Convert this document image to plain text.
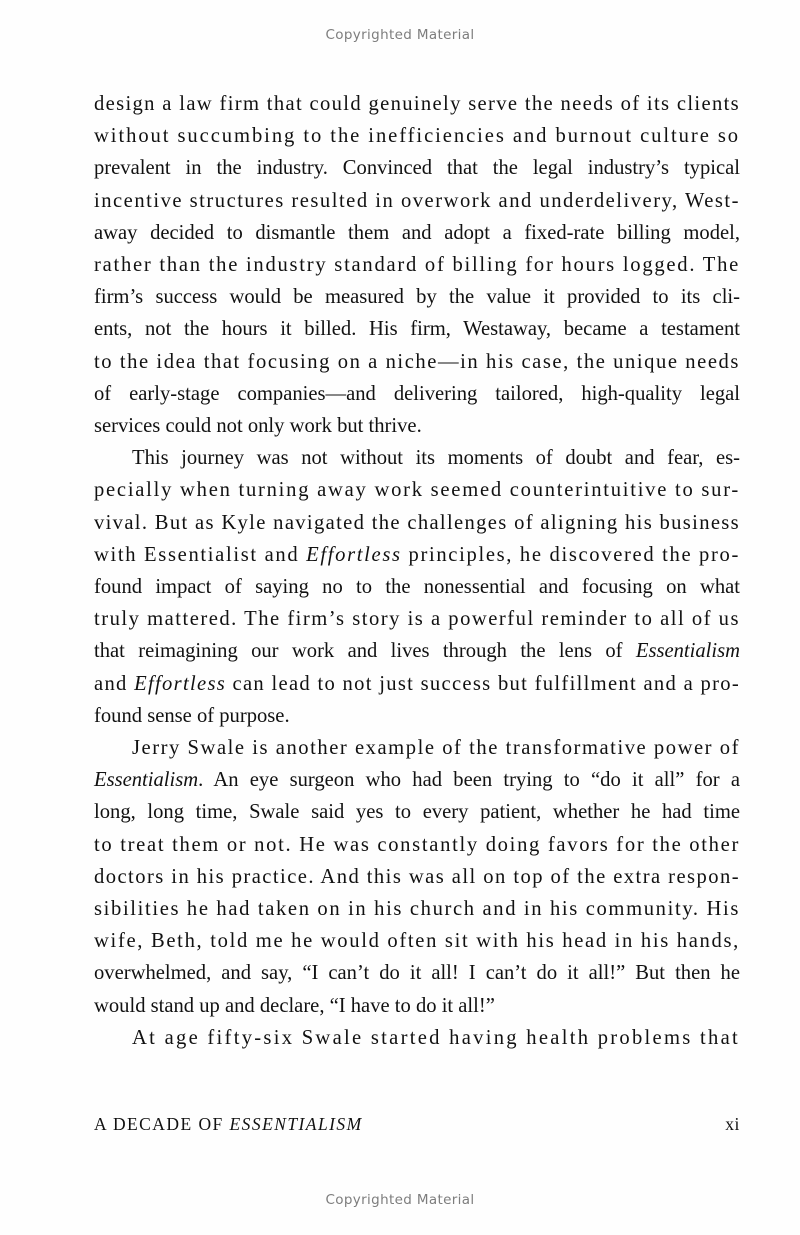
Copyrighted Material

design a law firm that could genuinely serve the needs of its clients
without succumbing to the inefficiencies and burnout culture so
prevalent in the industry. Convinced that the legal industry’s typical
incentive structures resulted in overwork and underdelivery, West-
away decided to dismantle them and adopt a fixed-rate billing model,
rather than the industry standard of billing for hours logged. The
firm’s success would be measured by the value it provided to its cli-
ents, not the hours it billed. His firm, Westaway, became a testament
to the idea that focusing on a niche—in his case, the unique needs
of early-stage companies—and delivering tailored, high-quality legal
services could not only work but thrive.

This journey was not without its moments of doubt and fear, es-
pecially when turning away work seemed counterintuitive to sur-
vival. But as Kyle navigated the challenges of aligning his business
with Essentialist and Effortless principles, he discovered the pro-
found impact of saying no to the nonessential and focusing on what
truly mattered. The firm’s story is a powerful reminder to all of us
that reimagining our work and lives through the lens of Essentialism
and Effortless can lead to not just success but fulfillment and a pro-
found sense of purpose.

Jerry Swale is another example of the transformative power of
Essentialism. An eye surgeon who had been trying to “do it all” for a
long, long time, Swale said yes to every patient, whether he had time
to treat them or not. He was constantly doing favors for the other
doctors in his practice. And this was all on top of the extra respon-
sibilities he had taken on in his church and in his community. His
wife, Beth, told me he would often sit with his head in his hands,
overwhelmed, and say, “I can’t do it all! I can’t do it all!” But then he
would stand up and declare, “I have to do it all!”

At age fifty-six Swale started having health problems that

A DECADE OF ESSENTIALISM	xi
Copyrighted Material
